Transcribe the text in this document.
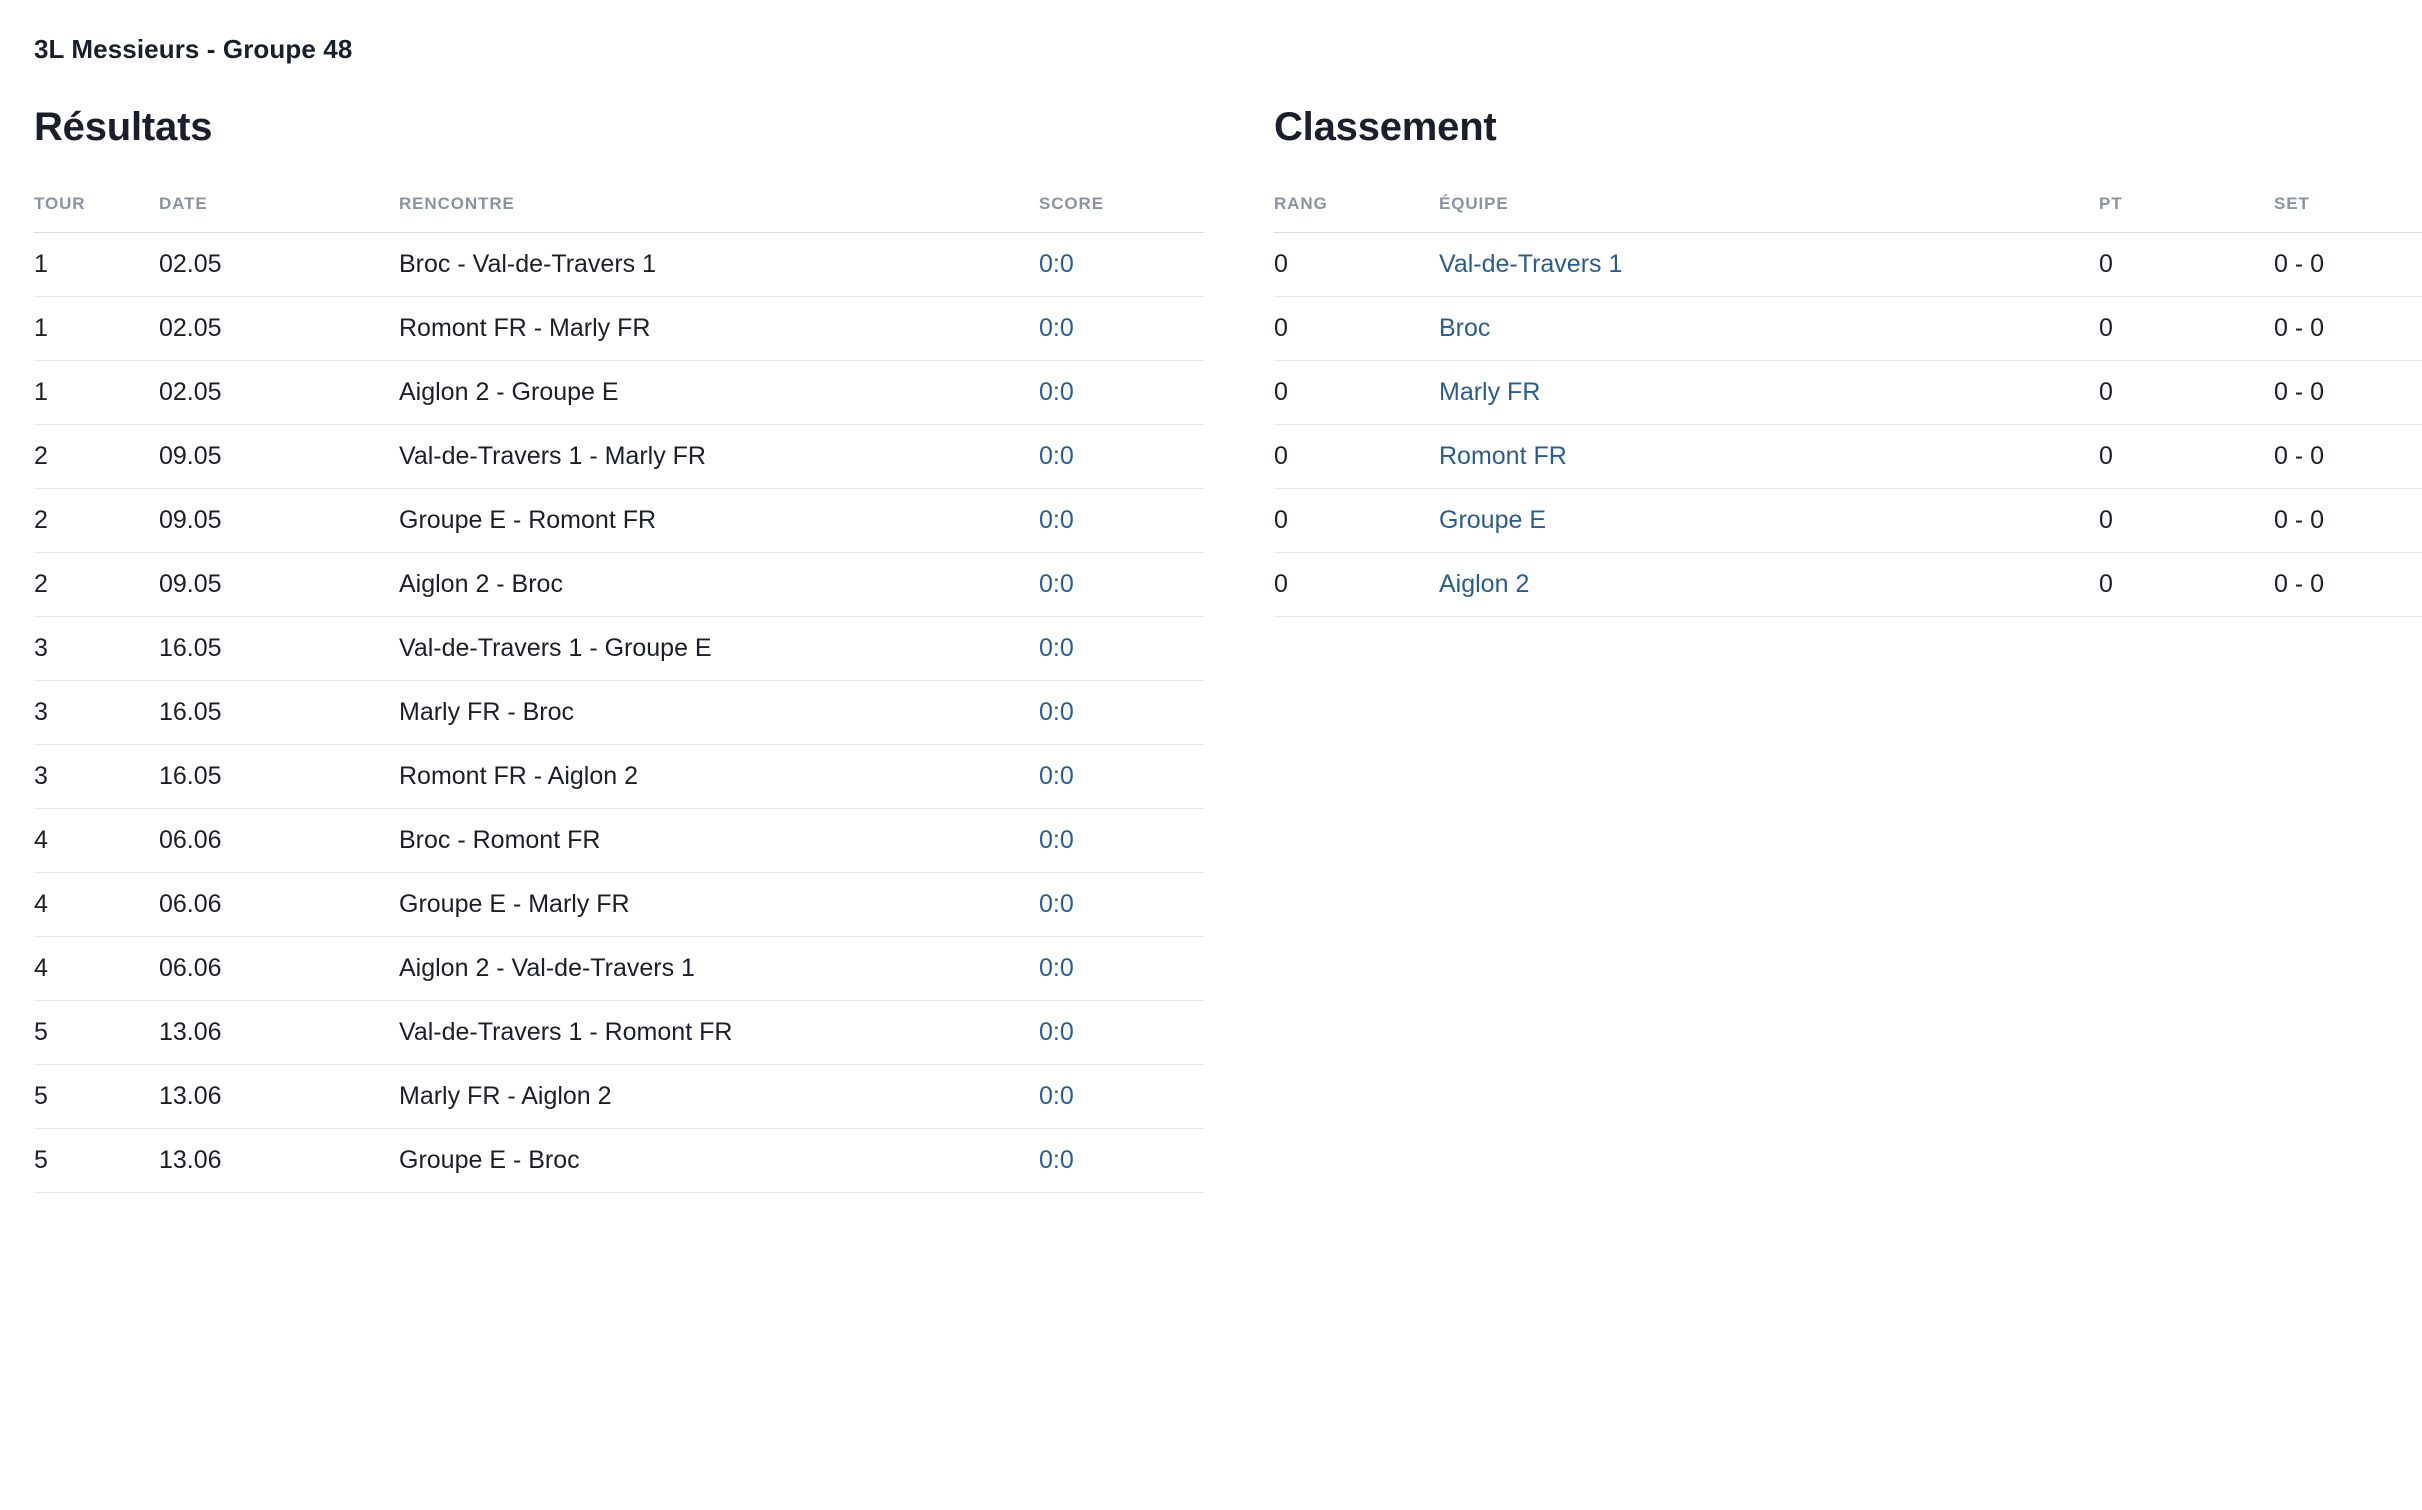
3L Messieurs - Groupe 48
Résultats
TOUR	DATE	RENCONTRE	SCORE
1	02.05	Broc - Val-de-Travers 1	0:0
1	02.05	Romont FR - Marly FR	0:0
1	02.05	Aiglon 2 - Groupe E	0:0
2	09.05	Val-de-Travers 1 - Marly FR	0:0
2	09.05	Groupe E - Romont FR	0:0
2	09.05	Aiglon 2 - Broc	0:0
3	16.05	Val-de-Travers 1 - Groupe E	0:0
3	16.05	Marly FR - Broc	0:0
3	16.05	Romont FR - Aiglon 2	0:0
4	06.06	Broc - Romont FR	0:0
4	06.06	Groupe E - Marly FR	0:0
4	06.06	Aiglon 2 - Val-de-Travers 1	0:0
5	13.06	Val-de-Travers 1 - Romont FR	0:0
5	13.06	Marly FR - Aiglon 2	0:0
5	13.06	Groupe E - Broc	0:0
Classement
RANG	ÉQUIPE	PT	SET
0	Val-de-Travers 1	0	0 - 0
0	Broc	0	0 - 0
0	Marly FR	0	0 - 0
0	Romont FR	0	0 - 0
0	Groupe E	0	0 - 0
0	Aiglon 2	0	0 - 0
